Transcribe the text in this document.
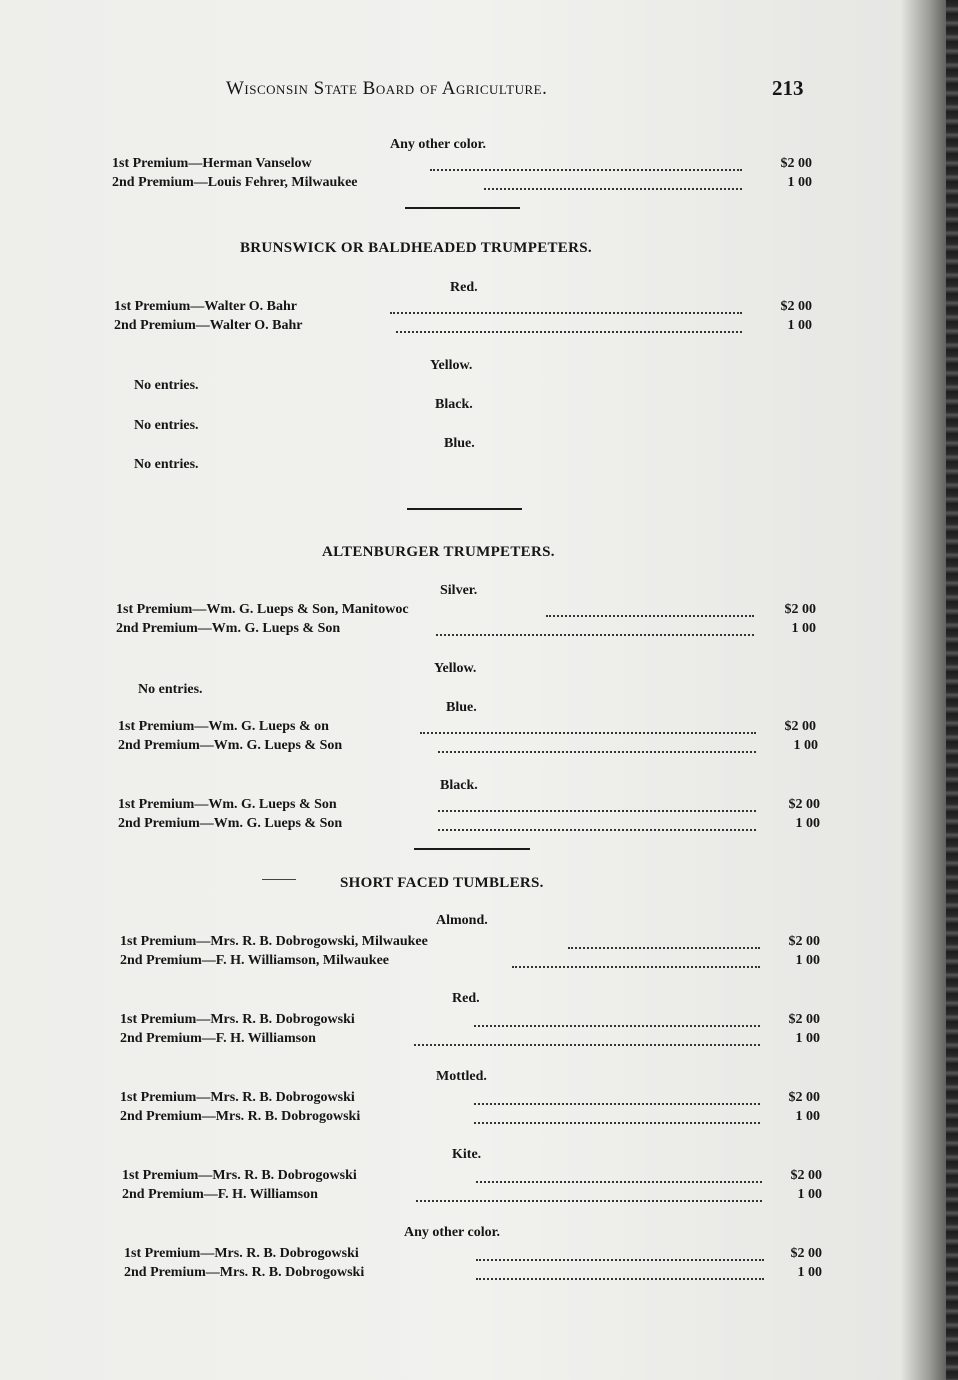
Wisconsin State Board of Agriculture.	213
Any other color.
1st Premium—Herman Vanselow	$2 00
2nd Premium—Louis Fehrer, Milwaukee	1 00
BRUNSWICK OR BALDHEADED TRUMPETERS.
Red.
1st Premium—Walter O. Bahr	$2 00
2nd Premium—Walter O. Bahr	1 00
Yellow.
No entries.
Black.
No entries.
Blue.
No entries.
ALTENBURGER TRUMPETERS.
Silver.
1st Premium—Wm. G. Lueps & Son, Manitowoc	$2 00
2nd Premium—Wm. G. Lueps & Son	1 00
Yellow.
No entries.
Blue.
1st Premium—Wm. G. Lueps & on	$2 00
2nd Premium—Wm. G. Lueps & Son	1 00
Black.
1st Premium—Wm. G. Lueps & Son	$2 00
2nd Premium—Wm. G. Lueps & Son	1 00
SHORT FACED TUMBLERS.
Almond.
1st Premium—Mrs. R. B. Dobrogowski, Milwaukee	$2 00
2nd Premium—F. H. Williamson, Milwaukee	1 00
Red.
1st Premium—Mrs. R. B. Dobrogowski	$2 00
2nd Premium—F. H. Williamson	1 00
Mottled.
1st Premium—Mrs. R. B. Dobrogowski	$2 00
2nd Premium—Mrs. R. B. Dobrogowski	1 00
Kite.
1st Premium—Mrs. R. B. Dobrogowski	$2 00
2nd Premium—F. H. Williamson	1 00
Any other color.
1st Premium—Mrs. R. B. Dobrogowski	$2 00
2nd Premium—Mrs. R. B. Dobrogowski	1 00
